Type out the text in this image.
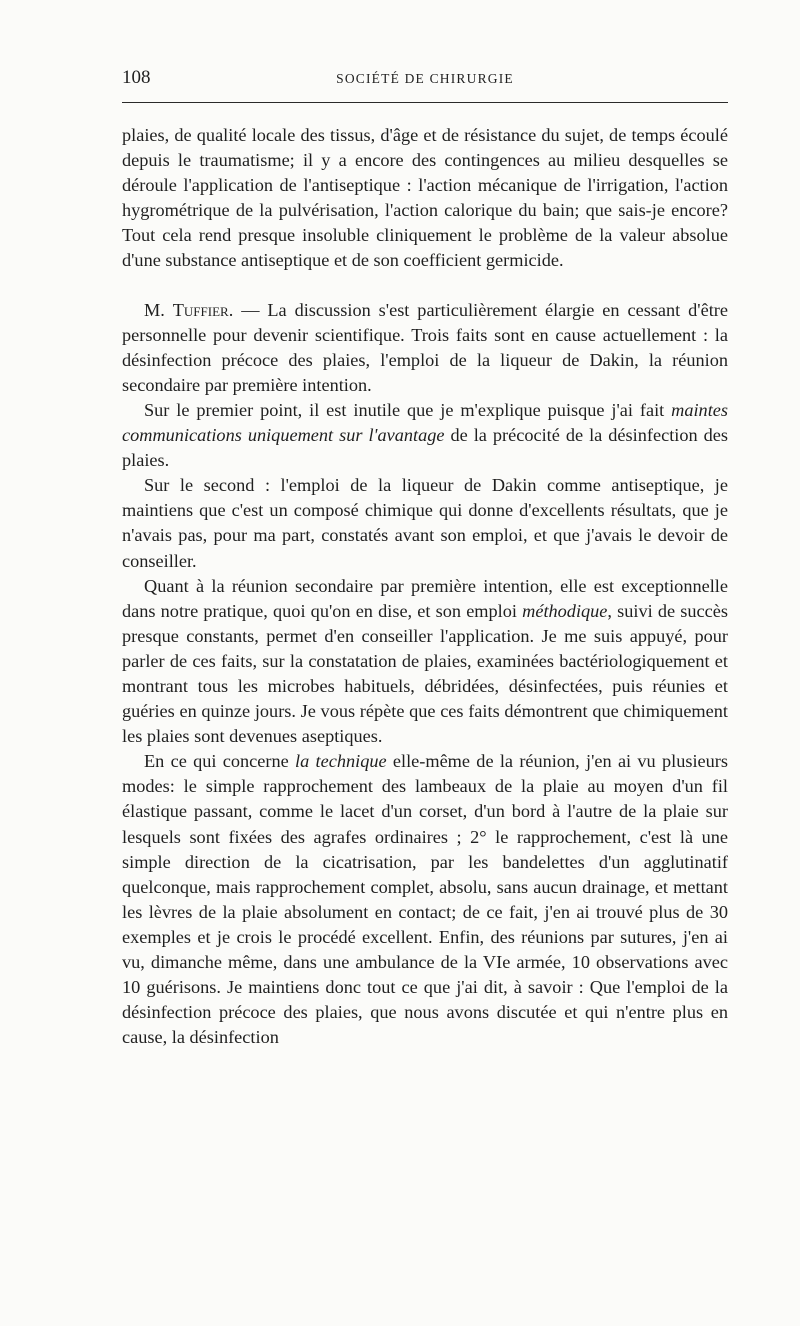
108	SOCIÉTÉ DE CHIRURGIE

plaies, de qualité locale des tissus, d'âge et de résistance du sujet, de temps écoulé depuis le traumatisme; il y a encore des contingences au milieu desquelles se déroule l'application de l'antiseptique : l'action mécanique de l'irrigation, l'action hygrométrique de la pulvérisation, l'action calorique du bain; que sais-je encore? Tout cela rend presque insoluble cliniquement le problème de la valeur absolue d'une substance antiseptique et de son coefficient germicide.

M. Tuffier. — La discussion s'est particulièrement élargie en cessant d'être personnelle pour devenir scientifique. Trois faits sont en cause actuellement : la désinfection précoce des plaies, l'emploi de la liqueur de Dakin, la réunion secondaire par première intention.

Sur le premier point, il est inutile que je m'explique puisque j'ai fait maintes communications uniquement sur l'avantage de la précocité de la désinfection des plaies.

Sur le second : l'emploi de la liqueur de Dakin comme antiseptique, je maintiens que c'est un composé chimique qui donne d'excellents résultats, que je n'avais pas, pour ma part, constatés avant son emploi, et que j'avais le devoir de conseiller.

Quant à la réunion secondaire par première intention, elle est exceptionnelle dans notre pratique, quoi qu'on en dise, et son emploi méthodique, suivi de succès presque constants, permet d'en conseiller l'application. Je me suis appuyé, pour parler de ces faits, sur la constatation de plaies, examinées bactériologiquement et montrant tous les microbes habituels, débridées, désinfectées, puis réunies et guéries en quinze jours. Je vous répète que ces faits démontrent que chimiquement les plaies sont devenues aseptiques.

En ce qui concerne la technique elle-même de la réunion, j'en ai vu plusieurs modes: le simple rapprochement des lambeaux de la plaie au moyen d'un fil élastique passant, comme le lacet d'un corset, d'un bord à l'autre de la plaie sur lesquels sont fixées des agrafes ordinaires ; 2° le rapprochement, c'est là une simple direction de la cicatrisation, par les bandelettes d'un agglutinatif quelconque, mais rapprochement complet, absolu, sans aucun drainage, et mettant les lèvres de la plaie absolument en contact; de ce fait, j'en ai trouvé plus de 30 exemples et je crois le procédé excellent. Enfin, des réunions par sutures, j'en ai vu, dimanche même, dans une ambulance de la VIe armée, 10 observations avec 10 guérisons. Je maintiens donc tout ce que j'ai dit, à savoir : Que l'emploi de la désinfection précoce des plaies, que nous avons discutée et qui n'entre plus en cause, la désinfection
